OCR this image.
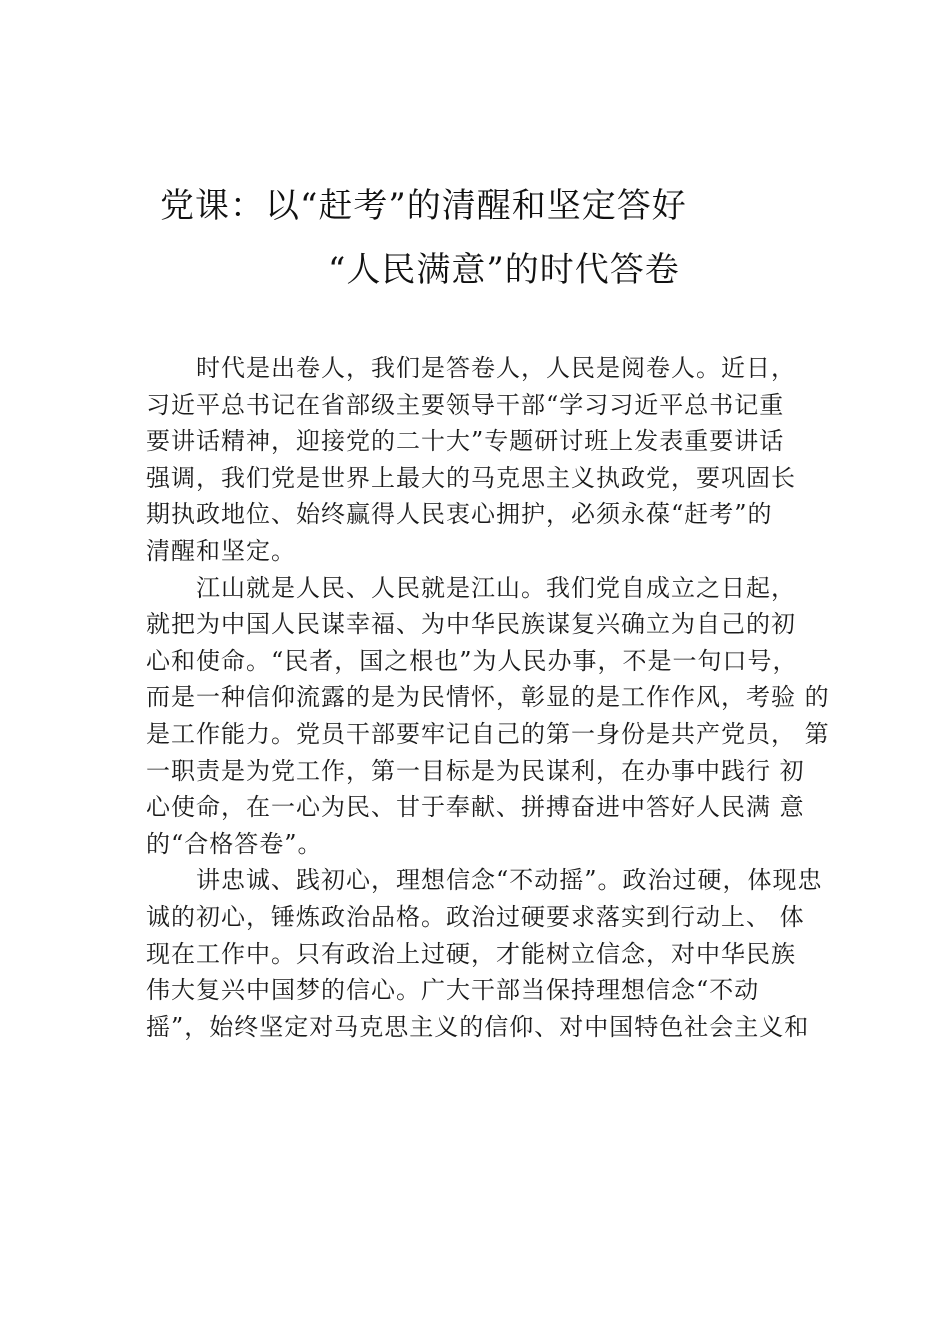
党课：以“赶考”的清醒和坚定答好
“人民满意”的时代答卷
时代是出卷人，我们是答卷人，人民是阅卷人。近日，
习近平总书记在省部级主要领导干部“学习习近平总书记重
要讲话精神，迎接党的二十大”专题研讨班上发表重要讲话
强调，我们党是世界上最大的马克思主义执政党，要巩固长
期执政地位、始终赢得人民衷心拥护，必须永葆“赶考”的
清醒和坚定。
江山就是人民、人民就是江山。我们党自成立之日起，
就把为中国人民谋幸福、为中华民族谋复兴确立为自己的初
心和使命。“民者，国之根也”为人民办事，不是一句口号，
而是一种信仰流露的是为民情怀，彰显的是工作作风，考验 的
是工作能力。党员干部要牢记自己的第一身份是共产党员， 第
一职责是为党工作，第一目标是为民谋利，在办事中践行 初
心使命，在一心为民、甘于奉献、拼搏奋进中答好人民满 意
的“合格答卷”。
讲忠诚、践初心，理想信念“不动摇”。政治过硬，体现忠
诚的初心，锤炼政治品格。政治过硬要求落实到行动上、 体
现在工作中。只有政治上过硬，才能树立信念，对中华民族
伟大复兴中国梦的信心。广大干部当保持理想信念“不动
摇”，始终坚定对马克思主义的信仰、对中国特色社会主义和
